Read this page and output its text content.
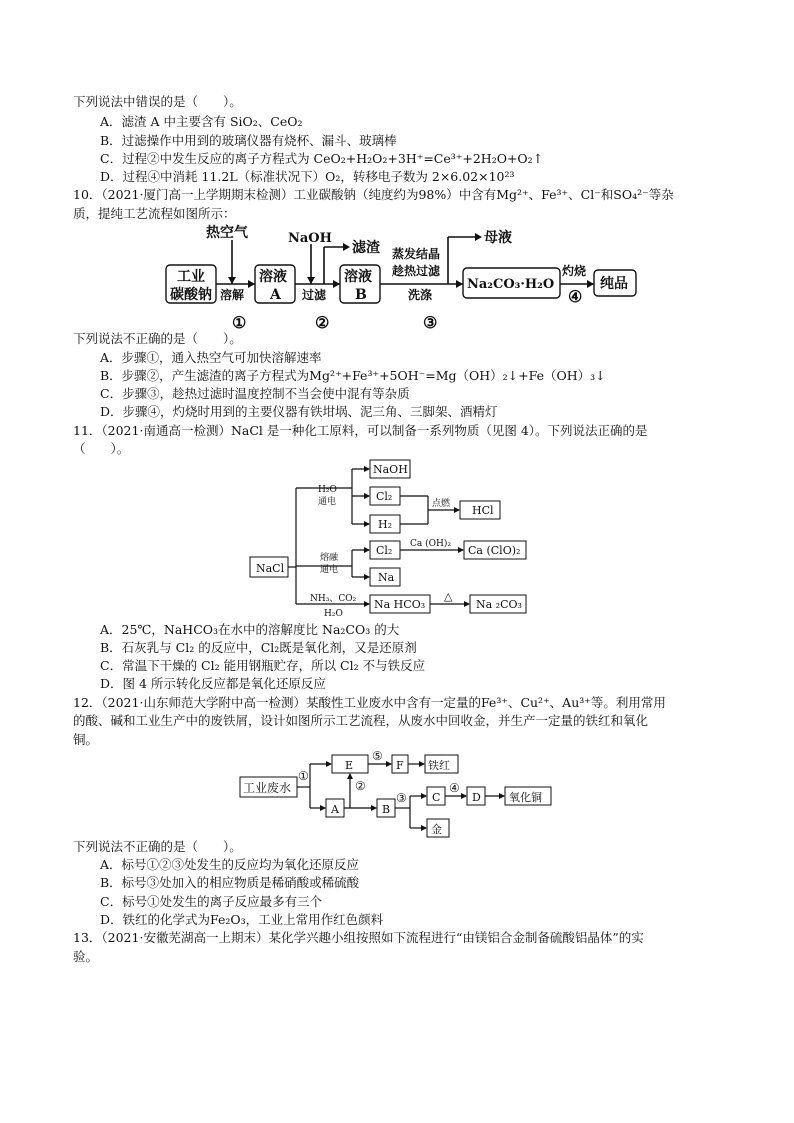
下列说法中错误的是（　　）。
A．滤渣 A 中主要含有 SiO₂、CeO₂
B．过滤操作中用到的玻璃仪器有烧杯、漏斗、玻璃棒
C．过程②中发生反应的离子方程式为 CeO₂+H₂O₂+3H⁺=Ce³⁺+2H₂O+O₂↑
D．过程④中消耗 11.2L（标准状况下）O₂，转移电子数为 2×6.02×10²³
10．（2021·厦门高一上学期期末检测）工业碳酸钠（纯度约为98%）中含有Mg²⁺、Fe³⁺、Cl⁻和SO₄²⁻等杂
质，提纯工艺流程如图所示：
热空气	NaOH
滤渣 蒸发结晶
趁热过滤
母液
灼烧
工业
碳酸钠 溶解
溶液
A 过滤
溶液
B	洗涤
Na₂CO₃·H₂O	纯品
①	②	③
④
下列说法不正确的是（　　）。
A．步骤①，通入热空气可加快溶解速率
B．步骤②，产生滤渣的离子方程式为Mg²⁺+Fe³⁺+5OH⁻=Mg（OH）₂↓+Fe（OH）₃↓
C．步骤③，趁热过滤时温度控制不当会使中混有等杂质
D．步骤④，灼烧时用到的主要仪器有铁坩埚、泥三角、三脚架、酒精灯
11．（2021·南通高一检测）NaCl 是一种化工原料，可以制备一系列物质（见图 4）。下列说法正确的是
（　　）。
NaCl
H₂O
通电
NaOH
Cl₂
H₂
点燃 HCl
熔融
通电
Cl₂ Ca (OH)₂ Ca (ClO)₂
Na
NH₃、CO₂
H₂O
Na HCO₃
△
Na ₂CO₃
A．25℃，NaHCO₃在水中的溶解度比 Na₂CO₃ 的大
B．石灰乳与 Cl₂ 的反应中，Cl₂既是氧化剂，又是还原剂
C．常温下干燥的 Cl₂ 能用钢瓶贮存，所以 Cl₂ 不与铁反应
D．图 4 所示转化反应都是氧化还原反应
12．（2021·山东师范大学附中高一检测）某酸性工业废水中含有一定量的Fe³⁺、Cu²⁺、Au³⁺等。利用常用
的酸、碱和工业生产中的废铁屑，设计如图所示工艺流程，从废水中回收金，并生产一定量的铁红和氧化
铜。
工业废水
①
E
⑤
F 铁红
②
A	B
③ C
④
D	氧化铜
金
下列说法不正确的是（　　）。
A．标号①②③处发生的反应均为氧化还原反应
B．标号③处加入的相应物质是稀硝酸或稀硫酸
C．标号①处发生的离子反应最多有三个
D．铁红的化学式为Fe₂O₃，工业上常用作红色颜料
13．（2021·安徽芜湖高一上期末）某化学兴趣小组按照如下流程进行“由镁铝合金制备硫酸铝晶体”的实
验。
